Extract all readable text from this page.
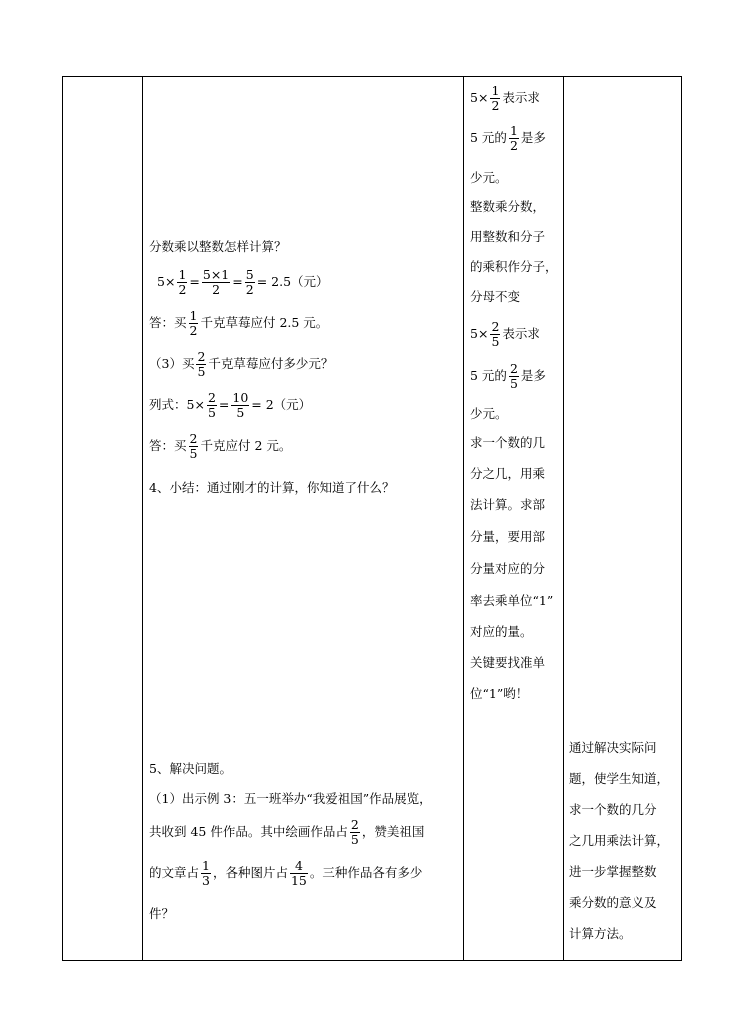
分数乘以整数怎样计算？
$5\times \frac{1}{2} = \frac{5\times 1}{2} = \frac{5}{2} = 2.5$（元）
答：买 $\frac{1}{2}$ 千克草莓应付 2.5 元。
（3）买 $\frac{2}{5}$ 千克草莓应付多少元？
列式：$5\times \frac{2}{5} = \frac{10}{5} = 2$（元）
答：买 $\frac{2}{5}$ 千克应付 2 元。
4、小结：通过刚才的计算，你知道了什么？
5、解决问题。
（1）出示例 3：五一班举办“我爱祖国”作品展览，
共收到 45 件作品。其中绘画作品占 $\frac{2}{5}$ ，赞美祖国
的文章占 $\frac{1}{3}$ ，各种图片占 $\frac{4}{15}$ 。三种作品各有多少
件？
$5\times \frac{1}{2}$ 表示求
5 元的 $\frac{1}{2}$ 是多
少元。
整数乘分数，
用整数和分子
的乘积作分子，
分母不变
$5\times \frac{2}{5}$ 表示求
5 元的 $\frac{2}{5}$ 是多
少元。
求一个数的几
分之几，用乘
法计算。求部
分量，要用部
分量对应的分
率去乘单位“1”
对应的量。
关键要找准单
位“1”哟！
通过解决实际问
题，使学生知道，
求一个数的几分
之几用乘法计算，
进一步掌握整数
乘分数的意义及
计算方法。
